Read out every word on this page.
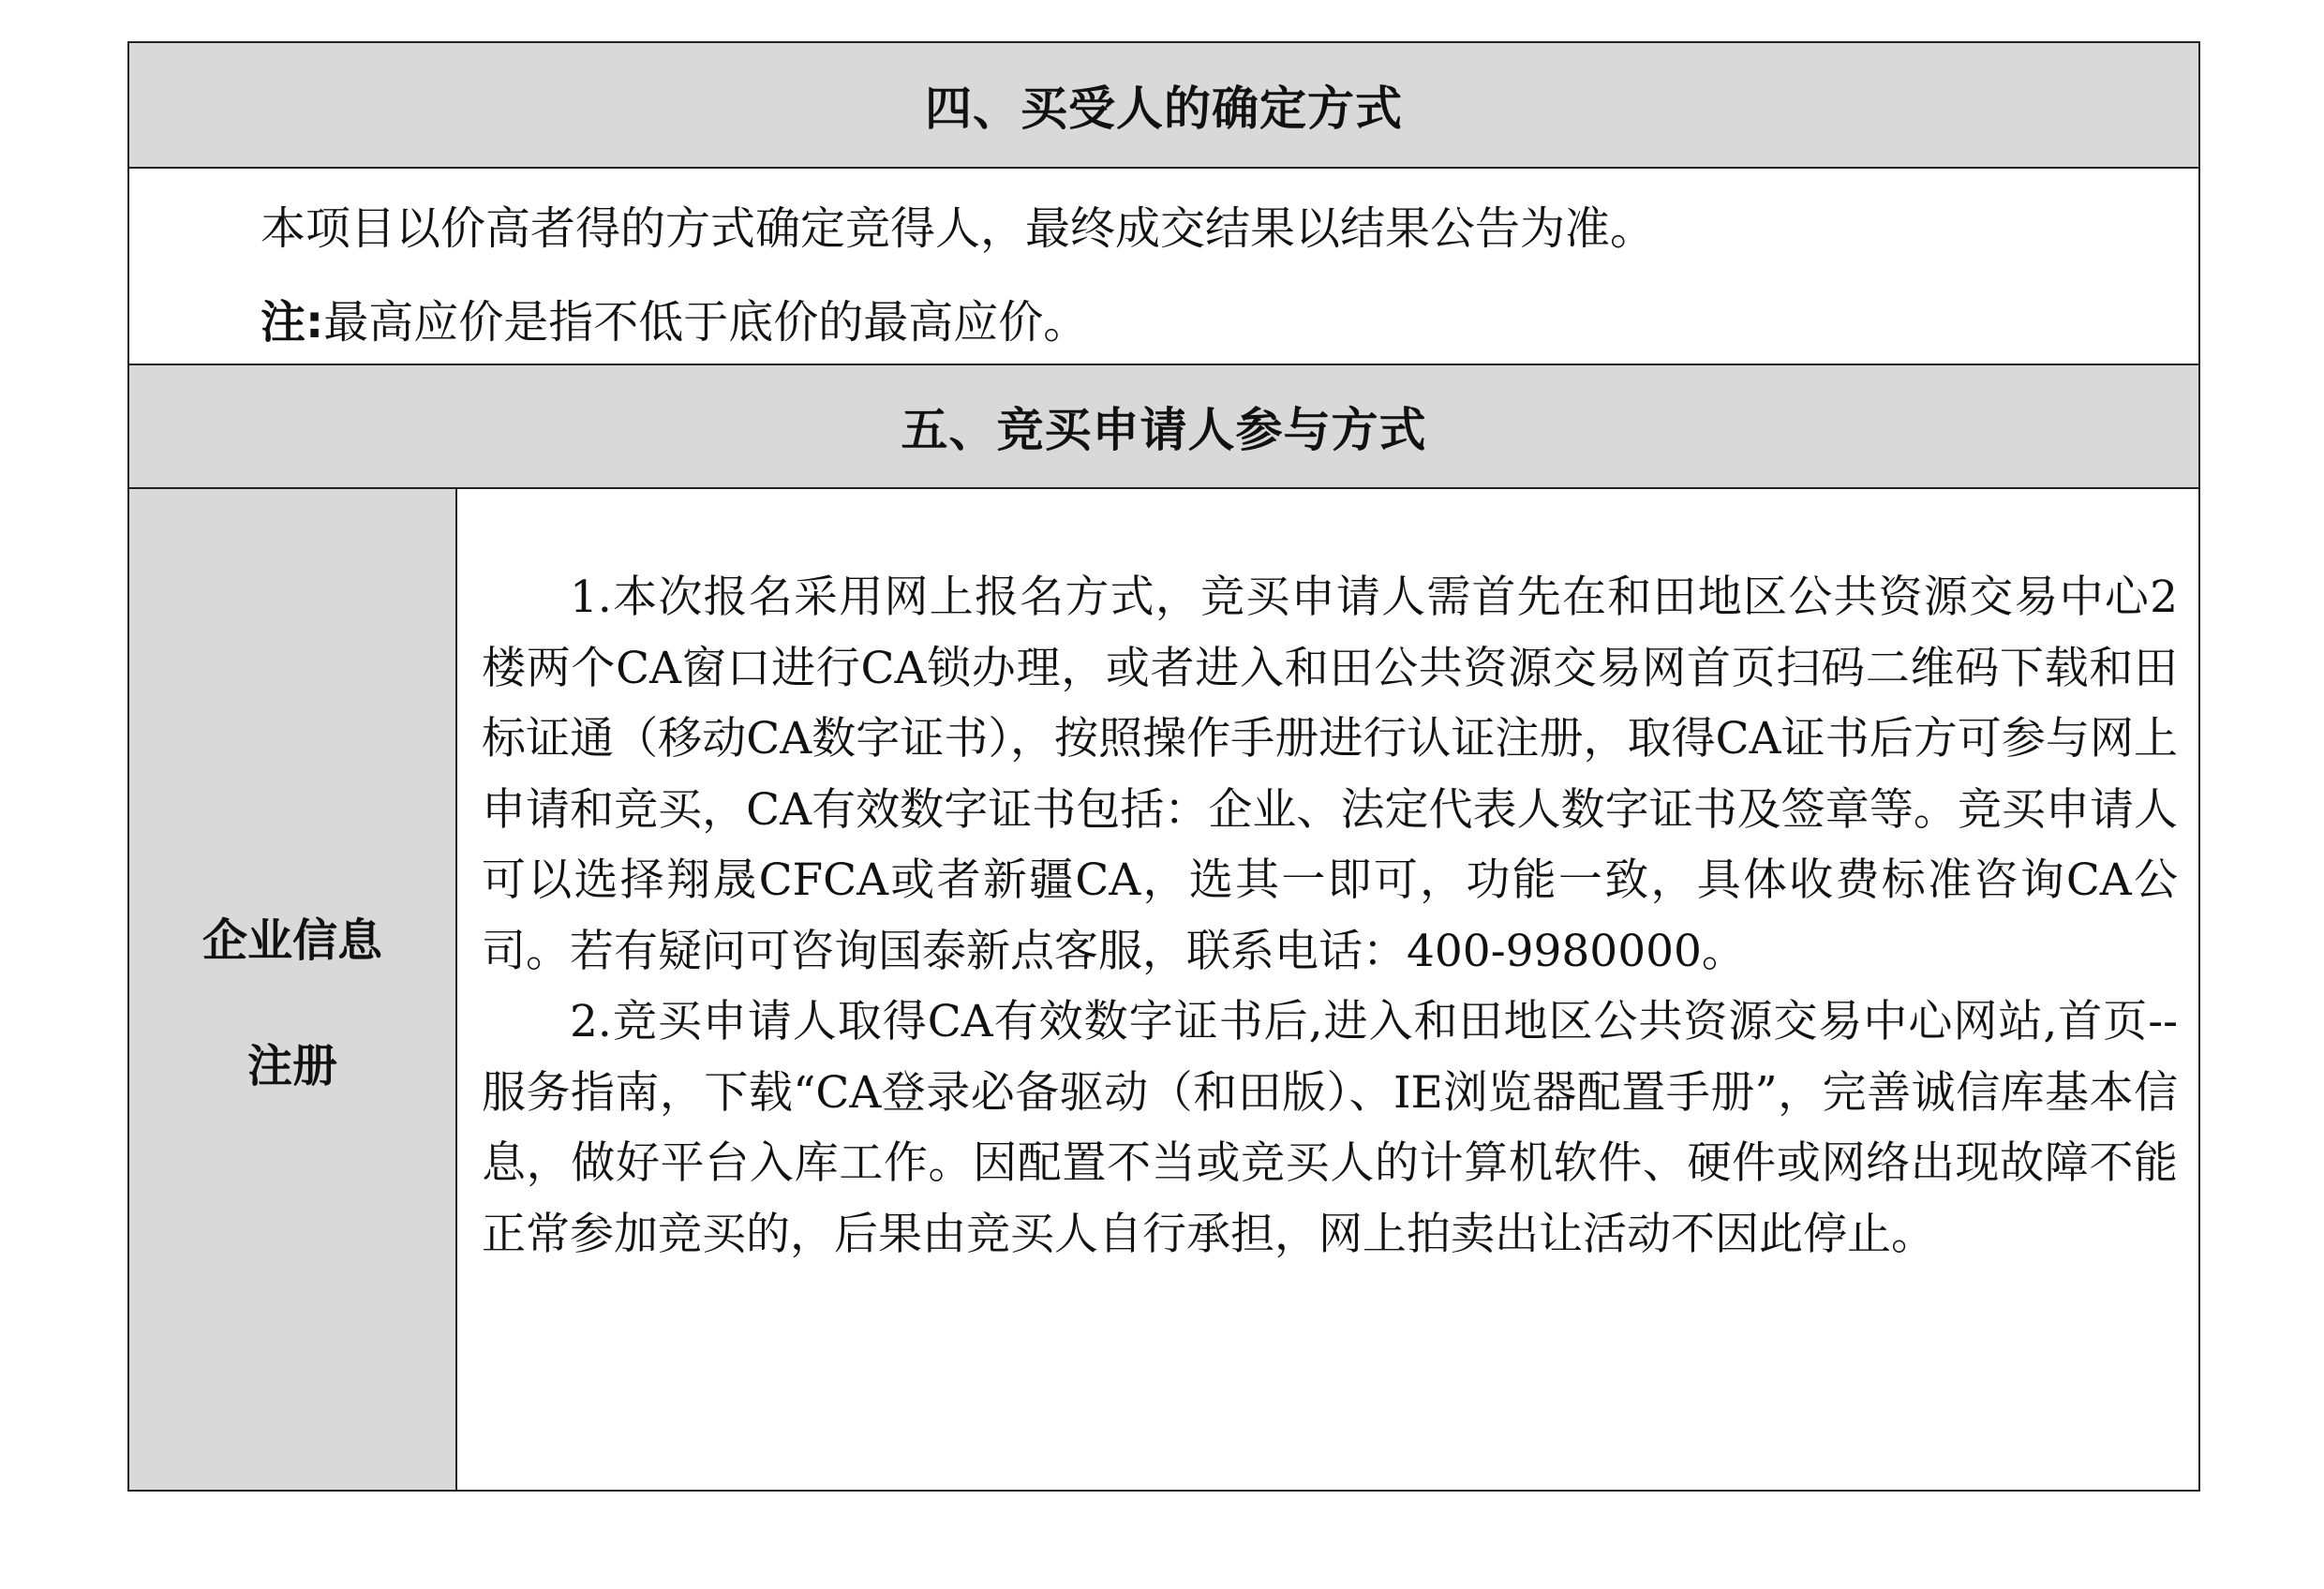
四、买受人的确定方式

本项目以价高者得的方式确定竞得人，最终成交结果以结果公告为准。

注:最高应价是指不低于底价的最高应价。

五、竞买申请人参与方式
企业信息
注册

1.本次报名采用网上报名方式，竞买申请人需首先在和田地区公共资源交易中心2楼两个CA窗口进行CA锁办理，或者进入和田公共资源交易网首页扫码二维码下载和田标证通（移动CA数字证书），按照操作手册进行认证注册，取得CA证书后方可参与网上申请和竞买，CA有效数字证书包括：企业、法定代表人数字证书及签章等。竞买申请人可以选择翔晟CFCA或者新疆CA，选其一即可，功能一致，具体收费标准咨询CA公司。若有疑问可咨询国泰新点客服，联系电话：400-9980000。

2.竞买申请人取得CA有效数字证书后,进入和田地区公共资源交易中心网站,首页--服务指南，下载“CA登录必备驱动（和田版）、IE浏览器配置手册”，完善诚信库基本信息，做好平台入库工作。因配置不当或竞买人的计算机软件、硬件或网络出现故障不能正常参加竞买的，后果由竞买人自行承担，网上拍卖出让活动不因此停止。
